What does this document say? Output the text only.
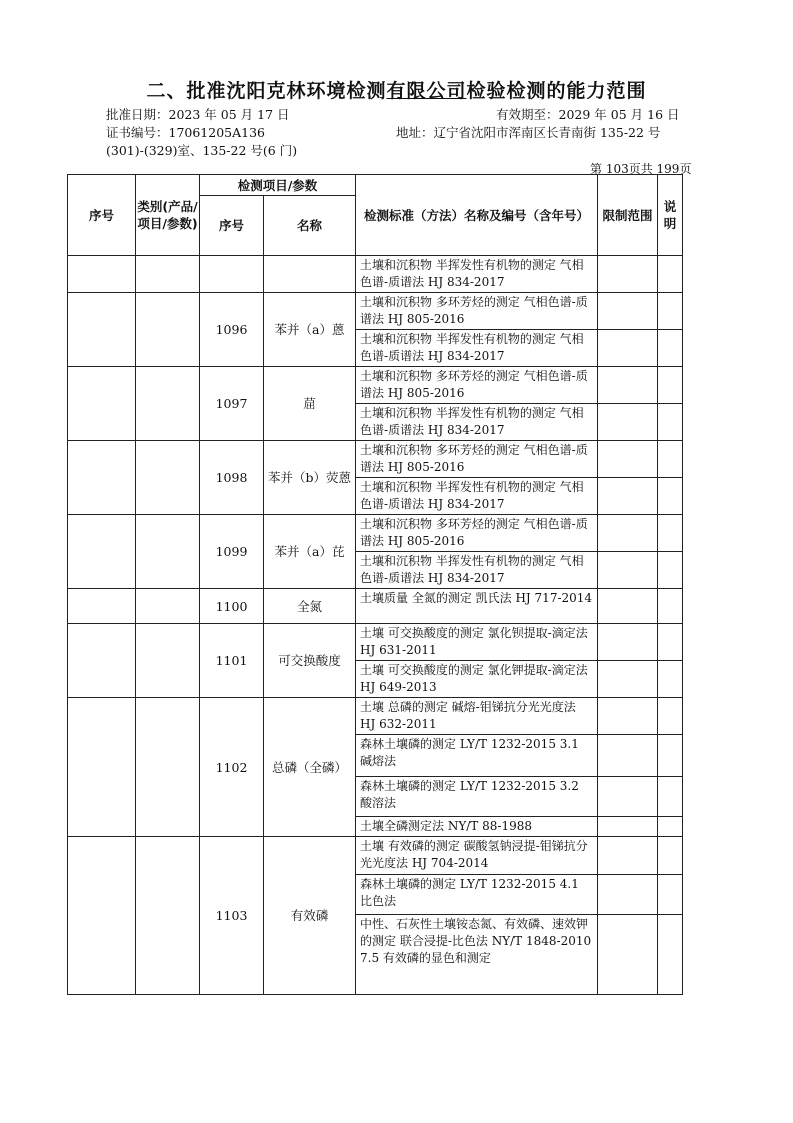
二、批准沈阳克林环境检测有限公司检验检测的能力范围
批准日期：2023 年 05 月 17 日	有效期至：2029 年 05 月 16 日
证书编号：17061205A136	地址：辽宁省沈阳市浑南区长青南街 135-22 号
(301)-(329)室、135-22 号(6 门)
第 103页共 199页
序号	类别(产品/项目/参数)	检测项目/参数		检测标准（方法）名称及编号（含年号）	限制范围	说明
		序号	名称			
				土壤和沉积物 半挥发性有机物的测定 气相色谱-质谱法 HJ 834-2017		
		1096	苯并（a）蒽	土壤和沉积物 多环芳烃的测定 气相色谱-质谱法 HJ 805-2016		
				土壤和沉积物 半挥发性有机物的测定 气相色谱-质谱法 HJ 834-2017		
		1097	䓛	土壤和沉积物 多环芳烃的测定 气相色谱-质谱法 HJ 805-2016		
				土壤和沉积物 半挥发性有机物的测定 气相色谱-质谱法 HJ 834-2017		
		1098	苯并（b）荧蒽	土壤和沉积物 多环芳烃的测定 气相色谱-质谱法 HJ 805-2016		
				土壤和沉积物 半挥发性有机物的测定 气相色谱-质谱法 HJ 834-2017		
		1099	苯并（a）芘	土壤和沉积物 多环芳烃的测定 气相色谱-质谱法 HJ 805-2016		
				土壤和沉积物 半挥发性有机物的测定 气相色谱-质谱法 HJ 834-2017		
		1100	全氮	土壤质量 全氮的测定 凯氏法 HJ 717-2014		
		1101	可交换酸度	土壤 可交换酸度的测定 氯化钡提取-滴定法 HJ 631-2011		
				土壤 可交换酸度的测定 氯化钾提取-滴定法 HJ 649-2013		
		1102	总磷（全磷）	土壤 总磷的测定 碱熔-钼锑抗分光光度法 HJ 632-2011		
				森林土壤磷的测定 LY/T 1232-2015 3.1 碱熔法		
				森林土壤磷的测定 LY/T 1232-2015 3.2 酸溶法		
				土壤全磷测定法 NY/T 88-1988		
		1103	有效磷	土壤 有效磷的测定 碳酸氢钠浸提-钼锑抗分光光度法 HJ 704-2014		
				森林土壤磷的测定 LY/T 1232-2015 4.1 比色法		
				中性、石灰性土壤铵态氮、有效磷、速效钾的测定 联合浸提-比色法 NY/T 1848-2010 7.5 有效磷的显色和测定		
